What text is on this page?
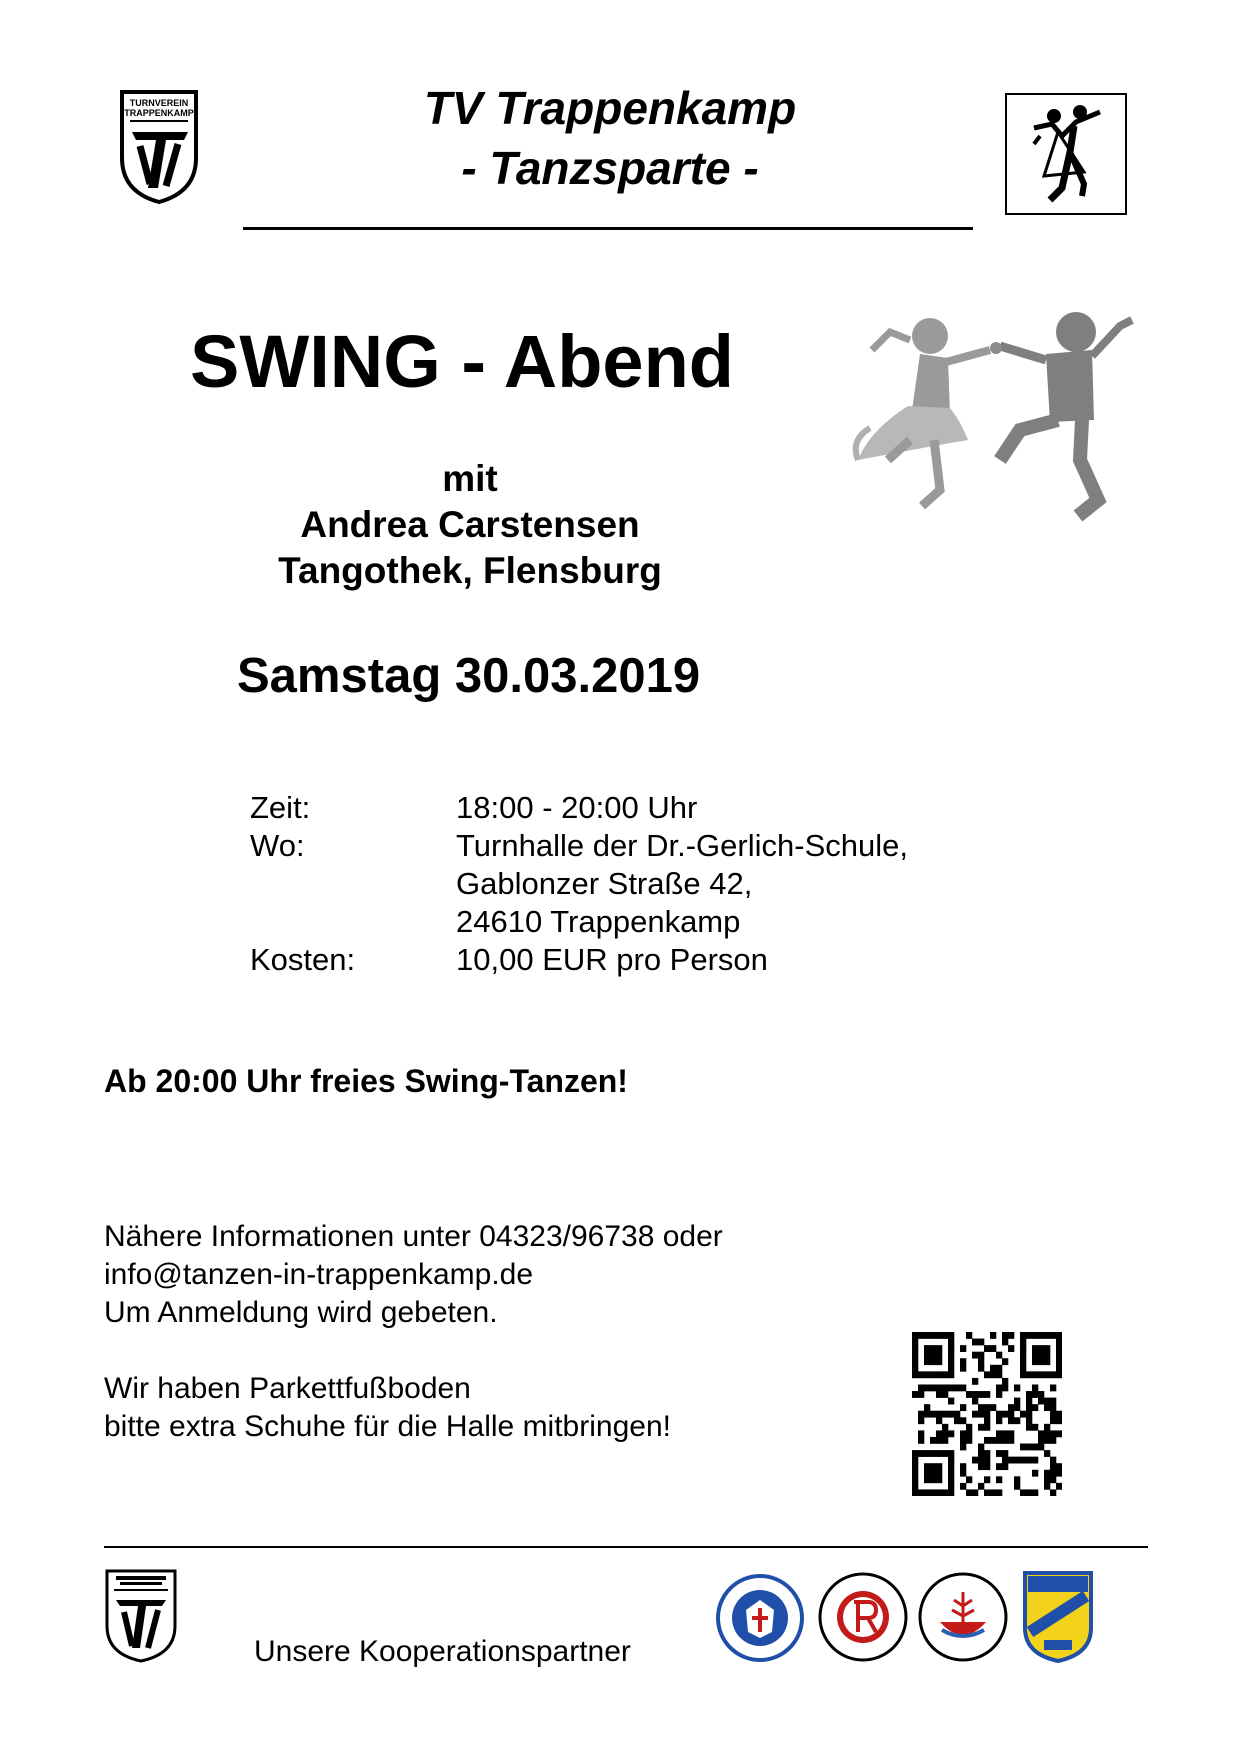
TURNVEREIN
TRAPPENKAMP	TV Trappenkamp
- Tanzsparte -
SWING - Abend
mit
Andrea Carstensen
Tangothek, Flensburg
Samstag 30.03.2019
Zeit:	18:00 - 20:00 Uhr
Wo:	Turnhalle der Dr.-Gerlich-Schule,
Gablonzer Straße 42,
24610 Trappenkamp
Kosten:	10,00 EUR pro Person
Ab 20:00 Uhr freies Swing-Tanzen!
Nähere Informationen unter 04323/96738 oder
info@tanzen-in-trappenkamp.de
Um Anmeldung wird gebeten.
Wir haben Parkettfußboden
bitte extra Schuhe für die Halle mitbringen!
Unsere Kooperationspartner
